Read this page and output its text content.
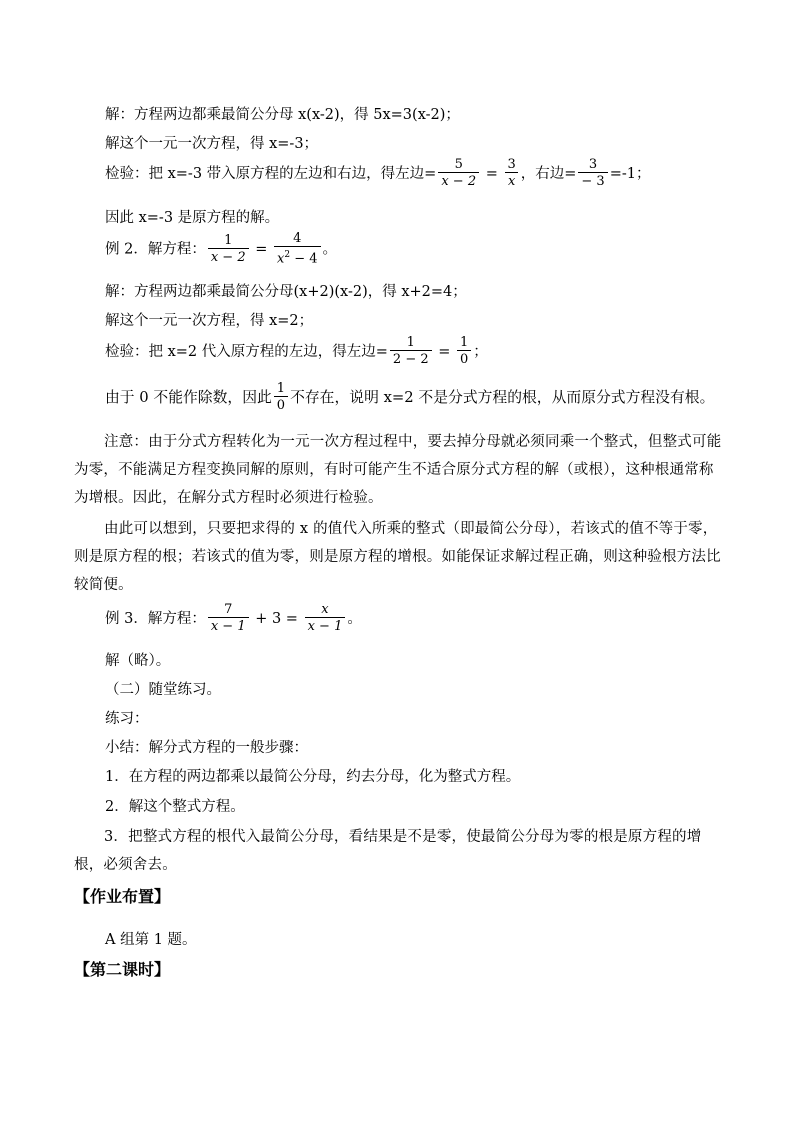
解：方程两边都乘最简公分母 x(x-2)，得 5x=3(x-2)；
解这个一元一次方程，得 x=-3；
检验：把 x=-3 带入原方程的左边和右边，得左边= $\frac{5}{x - 2} = \frac{3}{x}$ ，右边= $\frac{3}{- 3} =-1$；
因此 x=-3 是原方程的解。
例 2．解方程： $\frac{1}{x - 2} = \frac{4}{x^2 - 4}$ 。
解：方程两边都乘最简公分母(x+2)(x-2)，得 x+2=4；
解这个一元一次方程，得 x=2；
检验：把 x=2 代入原方程的左边，得左边= $\frac{1}{2 - 2} = \frac{1}{0}$ ；
由于 0 不能作除数，因此 $\frac{1}{0}$ 不存在，说明 x=2 不是分式方程的根，从而原分式方程没有根。
注意：由于分式方程转化为一元一次方程过程中，要去掉分母就必须同乘一个整式，但整式可能为零，不能满足方程变换同解的原则，有时可能产生不适合原分式方程的解（或根），这种根通常称为增根。因此，在解分式方程时必须进行检验。
由此可以想到，只要把求得的 x 的值代入所乘的整式（即最简公分母），若该式的值不等于零，则是原方程的根；若该式的值为零，则是原方程的增根。如能保证求解过程正确，则这种验根方法比较简便。
例 3．解方程： $\frac{7}{x - 1} + 3 = \frac{x}{x - 1}$ 。
解（略）。
（二）随堂练习。
练习：
小结：解分式方程的一般步骤：
1．在方程的两边都乘以最简公分母，约去分母，化为整式方程。
2．解这个整式方程。
3．把整式方程的根代入最简公分母，看结果是不是零，使最简公分母为零的根是原方程的增根，必须舍去。
【作业布置】
A 组第 1 题。
【第二课时】
